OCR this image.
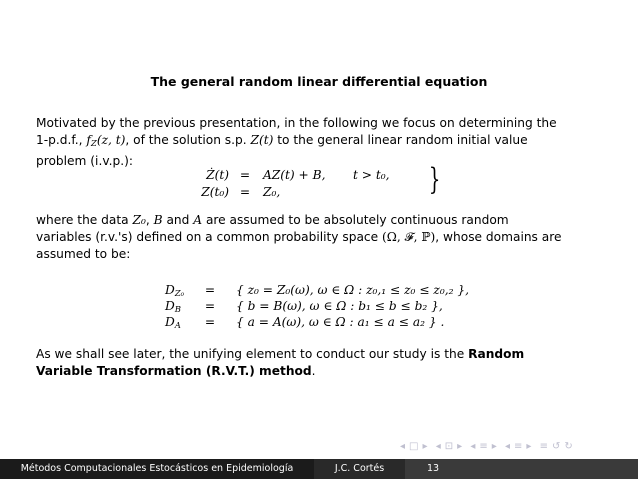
The general random linear differential equation
Motivated by the previous presentation, in the following we focus on determining the
1-p.d.f., $f_Z(z$, t), of the solution s.p. Z(t) to the general linear random initial value
problem (i.v.p.):
Ż(t) =	AZ(t) + B, t > t₀,
Z(t₀) =	Z₀,	}
where the data Z₀, B and A are assumed to be absolutely continuous random
variables (r.v.'s) defined on a common probability space (Ω, 𝓕, ℙ), whose domains are
assumed to be:
$D_{Z_0}$	=	{ z₀ = Z₀(ω), ω ∈ Ω : z₀,₁ ≤ z₀ ≤ z₀,₂ },
$D_B$	=	{ b = B(ω), ω ∈ Ω : b₁ ≤ b ≤ b₂ },
$D_A$	=	{ a = A(ω), ω ∈ Ω : a₁ ≤ a ≤ a₂ } .
As we shall see later, the unifying element to conduct our study is the Random
Variable Transformation (R.V.T.) method.
◂ □ ▸ ◂ ⊡ ▸ ◂ ≡ ▸ ◂ ≡ ▸ ≡ ↺ ↻
Métodos Computacionales Estocásticos en Epidemiología	J.C. Cortés	13
